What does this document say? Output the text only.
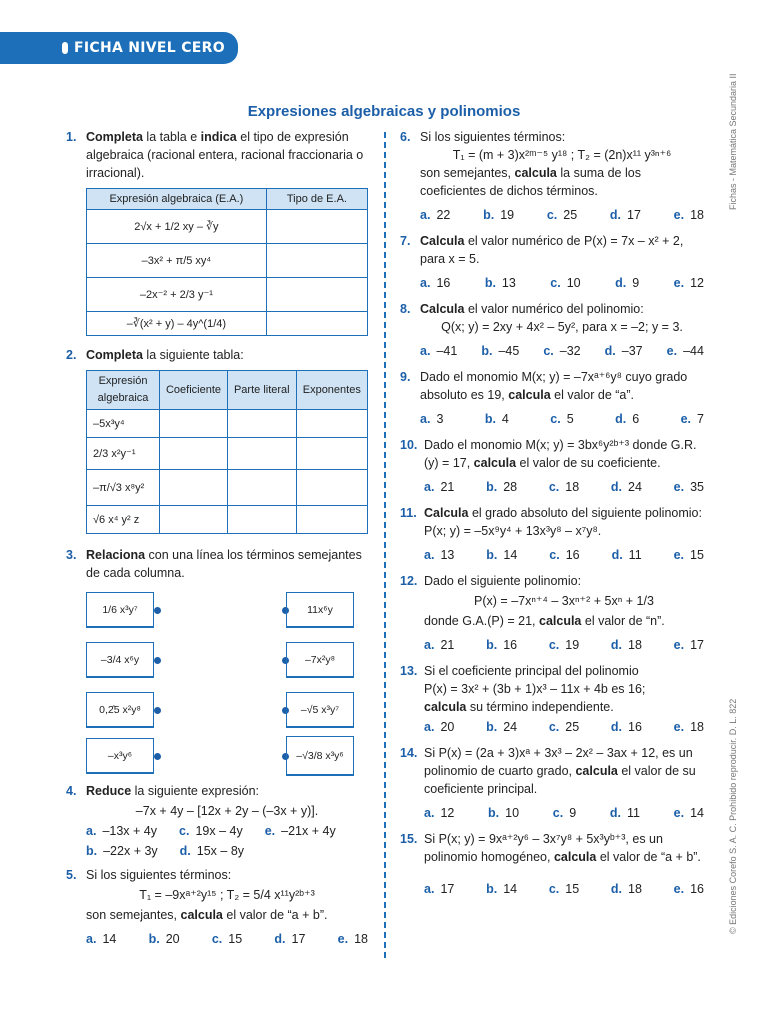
FICHA NIVEL CERO
Fichas - Matemática Secundaria II
© Ediciones Corefo S. A. C. Prohibido reproducir. D. L. 822
Expresiones algebraicas y polinomios
1. Completa la tabla e indica el tipo de expresión algebraica (racional entera, racional fraccionaria o irracional).
Expresión algebraica (E.A.)	Tipo de E.A.
2√x + 1/2 xy – ∛y	
–3x² + π/5 xy⁴	
–2x⁻² + 2/3 y⁻¹	
–∛(x² + y) – 4y^(1/4)	
2. Completa la siguiente tabla:
Expresión algebraica	Coeficiente	Parte literal	Exponentes
–5x³y⁴			
2/3 x²y⁻¹			
–π/√3 x⁸y²			
√6 x⁴ y² z			
3. Relaciona con una línea los términos semejantes de cada columna.
1/6 x³y⁷
–3/4 x⁶y
0,2̂5 x²y⁸
–x³y⁶
11x⁶y
–7x²y⁸
–√5 x³y⁷
–√3/8 x³y⁶
4. Reduce la siguiente expresión:
–7x + 4y – [12x + 2y – (–3x + y)].
a. –13x + 4y c. 19x – 4y e. –21x + 4y
b. –22x + 3y d. 15x – 8y
5. Si los siguientes términos:
T₁ = –9xᵃ⁺²y¹⁵ ; T₂ = 5/4 x¹¹y²ᵇ⁺³
son semejantes, calcula el valor de “a + b”.
a. 14	b. 20	c. 15	d. 17	e. 18
6. Si los siguientes términos:
T₁ = (m + 3)x²ᵐ⁻⁵ y¹⁸ ; T₂ = (2n)x¹¹ y³ⁿ⁺⁶
son semejantes, calcula la suma de los coeficientes de dichos términos.
a. 22	b. 19	c. 25	d. 17	e. 18
7. Calcula el valor numérico de P(x) = 7x – x² + 2, para x = 5.
a. 16	b. 13	c. 10	d. 9	e. 12
8. Calcula el valor numérico del polinomio:
Q(x; y) = 2xy + 4x² – 5y², para x = –2; y = 3.
a. –41 b. –45 c. –32 d. –37 e. –44
9. Dado el monomio M(x; y) = –7xᵃ⁺⁶y⁸ cuyo grado absoluto es 19, calcula el valor de “a”.
a. 3	b. 4	c. 5	d. 6	e. 7
10. Dado el monomio M(x; y) = 3bx⁶y²ᵇ⁺³ donde G.R.(y) = 17, calcula el valor de su coeficiente.
a. 21	b. 28	c. 18	d. 24	e. 35
11. Calcula el grado absoluto del siguiente polinomio: P(x; y) = –5x⁹y⁴ + 13x³y⁸ – x⁷y⁸.
a. 13	b. 14	c. 16	d. 11	e. 15
12. Dado el siguiente polinomio:
P(x) = –7xⁿ⁺⁴ – 3xⁿ⁺² + 5xⁿ + 1/3
donde G.A.(P) = 21, calcula el valor de “n”.
a. 21	b. 16	c. 19	d. 18	e. 17
13. Si el coeficiente principal del polinomio
P(x) = 3x² + (3b + 1)x³ – 11x + 4b es 16;
calcula su término independiente.
a. 20	b. 24	c. 25	d. 16	e. 18
14. Si P(x) = (2a + 3)xᵃ + 3x³ – 2x² – 3ax + 12, es un polinomio de cuarto grado, calcula el valor de su coeficiente principal.
a. 12	b. 10	c. 9	d. 11	e. 14
15. Si P(x; y) = 9xᵃ⁺²y⁶ – 3x⁷y⁸ + 5x³yᵇ⁺³, es un polinomio homogéneo, calcula el valor de “a + b”.
a. 17	b. 14	c. 15	d. 18	e. 16
